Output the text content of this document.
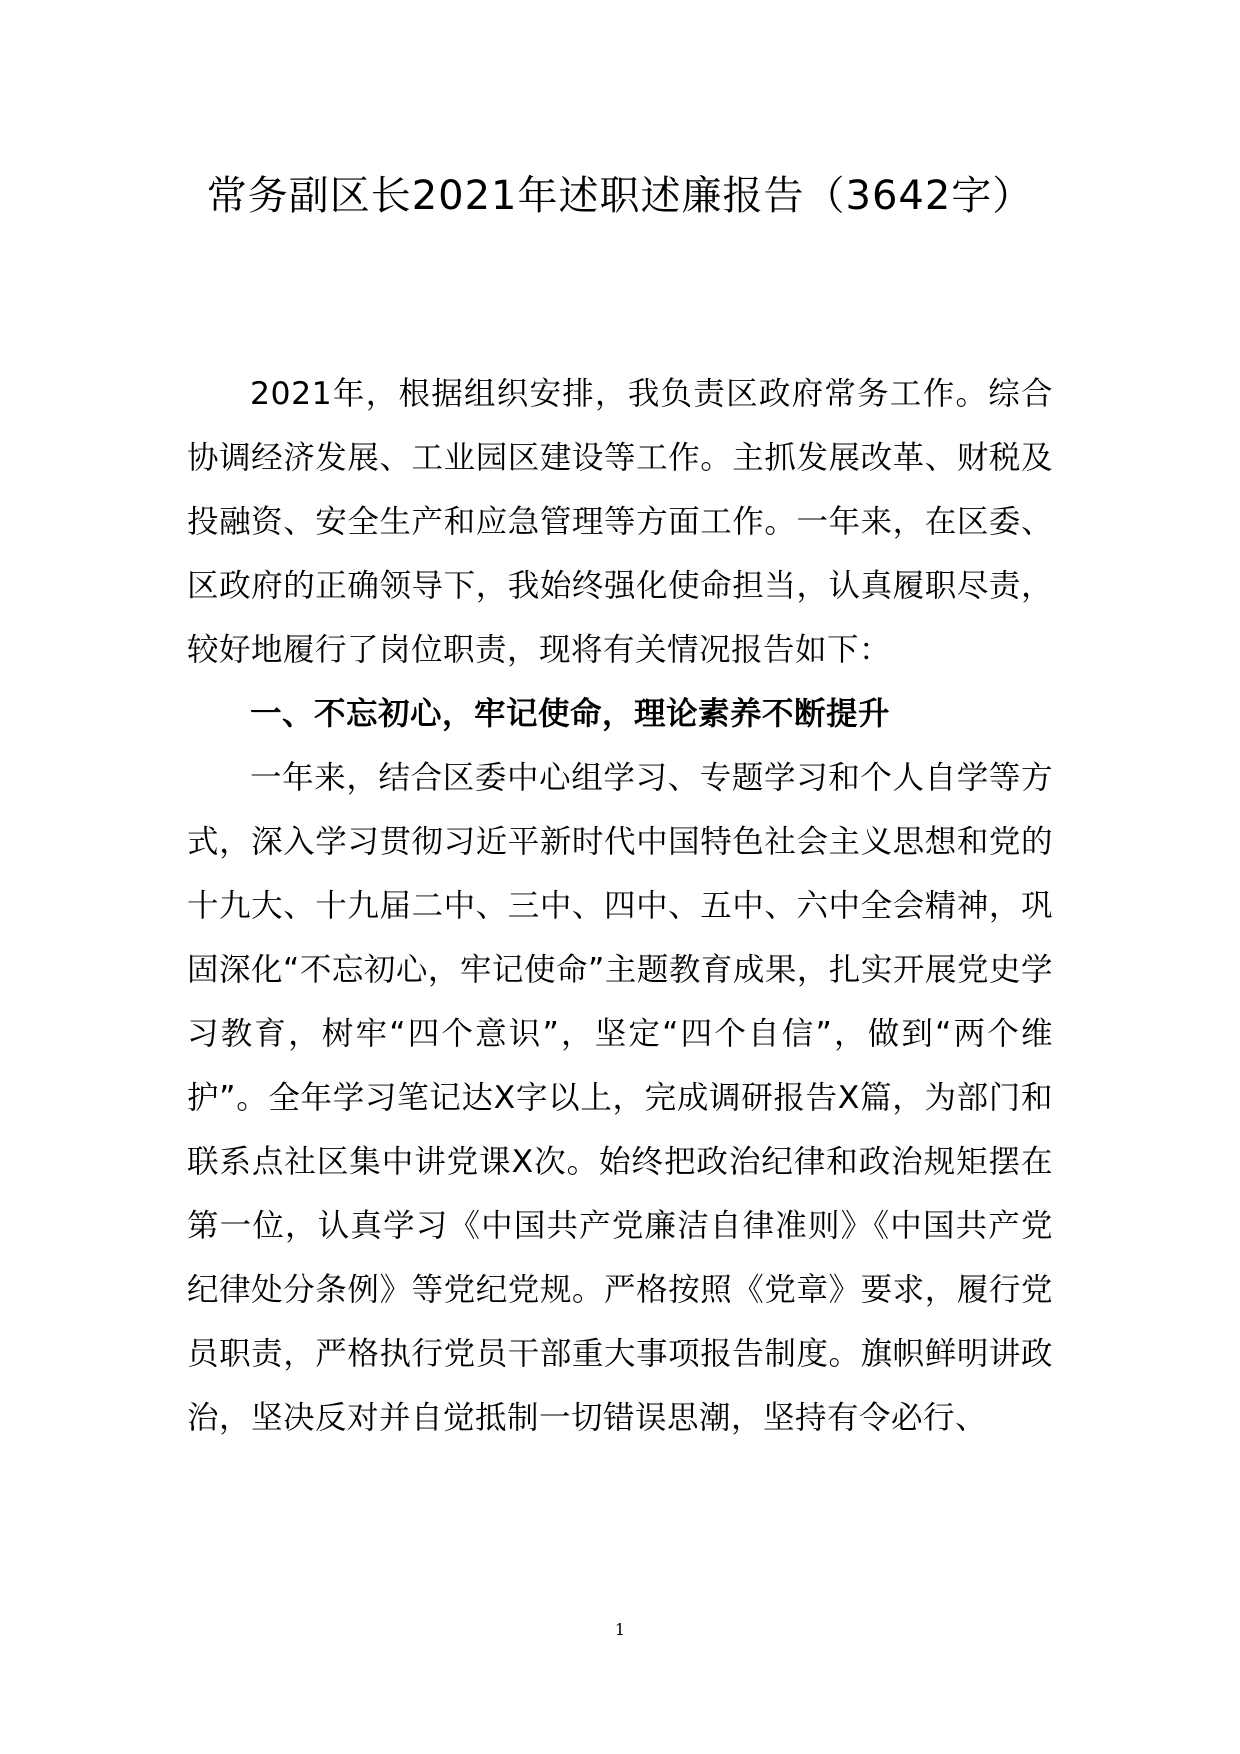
常务副区长2021年述职述廉报告（3642字）

2021年，根据组织安排，我负责区政府常务工作。综合协调经济发展、工业园区建设等工作。主抓发展改革、财税及投融资、安全生产和应急管理等方面工作。一年来，在区委、区政府的正确领导下，我始终强化使命担当，认真履职尽责，较好地履行了岗位职责，现将有关情况报告如下：

一、不忘初心，牢记使命，理论素养不断提升

一年来，结合区委中心组学习、专题学习和个人自学等方式，深入学习贯彻习近平新时代中国特色社会主义思想和党的十九大、十九届二中、三中、四中、五中、六中全会精神，巩固深化“不忘初心，牢记使命”主题教育成果，扎实开展党史学习教育，树牢“四个意识”，坚定“四个自信”，做到“两个维护”。全年学习笔记达X字以上，完成调研报告X篇，为部门和联系点社区集中讲党课X次。始终把政治纪律和政治规矩摆在第一位，认真学习《中国共产党廉洁自律准则》《中国共产党纪律处分条例》等党纪党规。严格按照《党章》要求，履行党员职责，严格执行党员干部重大事项报告制度。旗帜鲜明讲政治，坚决反对并自觉抵制一切错误思潮，坚持有令必行、

1
